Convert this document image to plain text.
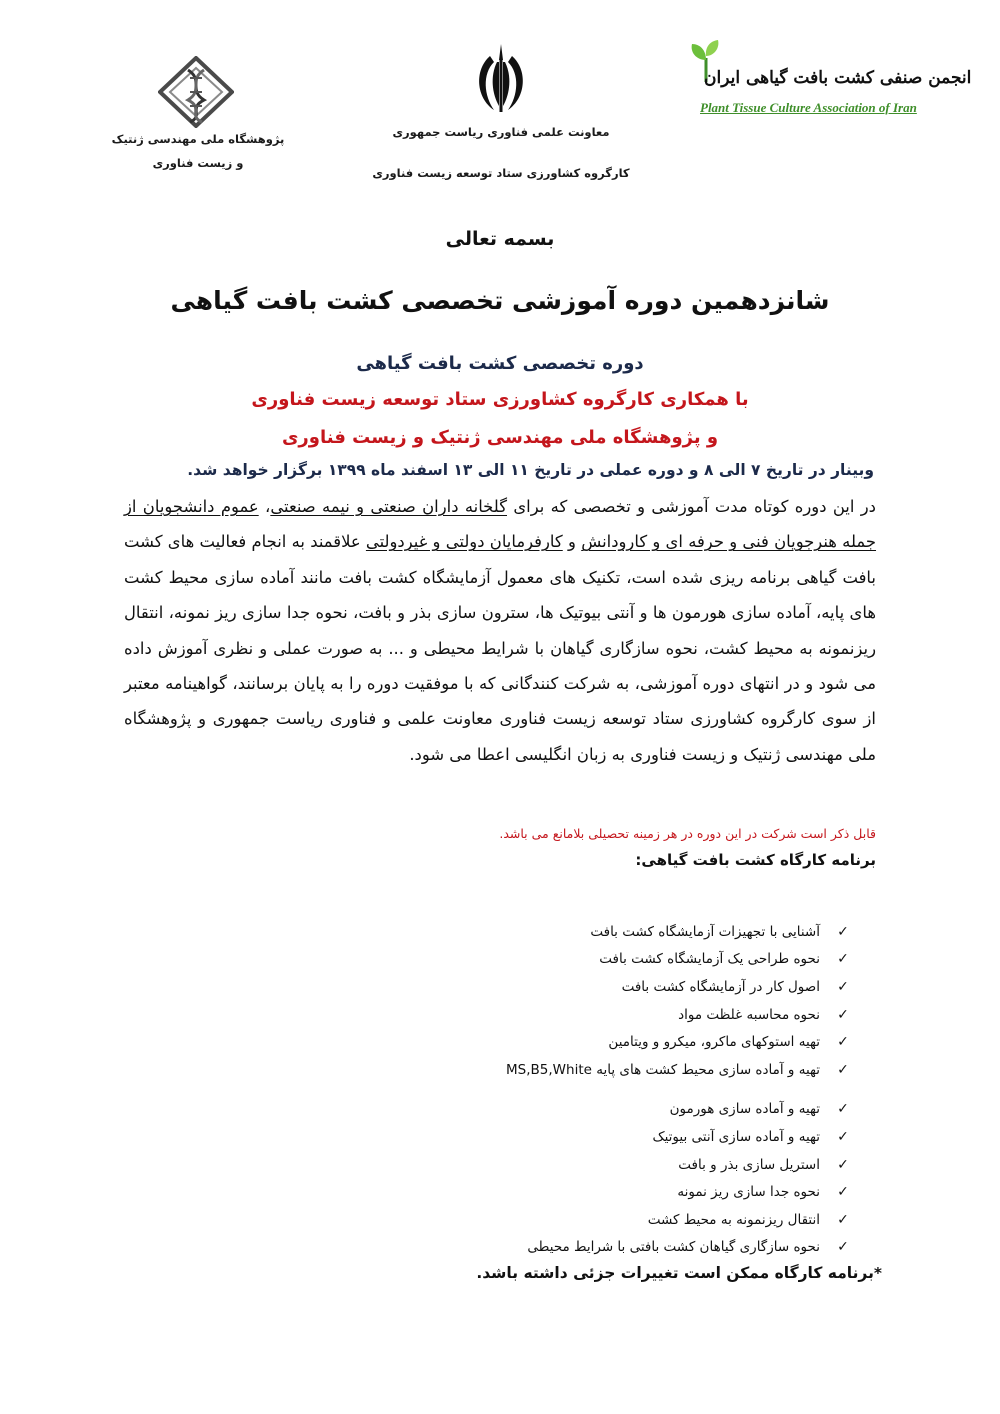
پژوهشگاه ملی مهندسی ژنتیک
و زیست فناوری
معاونت علمی فناوری ریاست جمهوری
کارگروه کشاورزی ستاد توسعه زیست فناوری
انجمن صنفی کشت بافت گیاهی ایران
Plant Tissue Culture Association of Iran
بسمه تعالی
شانزدهمین دوره آموزشی تخصصی کشت بافت گیاهی
دوره تخصصی کشت بافت گیاهی
با همکاری کارگروه کشاورزی ستاد توسعه زیست فناوری
و پژوهشگاه ملی مهندسی ژنتیک و زیست فناوری
وبینار در تاریخ ۷ الی ۸ و دوره عملی در تاریخ ۱۱ الی ۱۳ اسفند ماه ۱۳۹۹ برگزار خواهد شد.
در این دوره کوتاه مدت آموزشی و تخصصی که برای گلخانه داران صنعتی و نیمه صنعتی، عموم دانشجویان از جمله هنرجویان فنی و حرفه ای و کارودانش و کارفرمایان دولتی و غیردولتی علاقمند به انجام فعالیت های کشت بافت گیاهی برنامه ریزی شده است، تکنیک های معمول آزمایشگاه کشت بافت مانند آماده سازی محیط کشت های پایه، آماده سازی هورمون ها و آنتی بیوتیک ها، سترون سازی بذر و بافت، نحوه جدا سازی ریز نمونه، انتقال ریزنمونه به محیط کشت، نحوه سازگاری گیاهان با شرایط محیطی و ... به صورت عملی و نظری آموزش داده می شود و در انتهای دوره آموزشی، به شرکت کنندگانی که با موفقیت دوره را به پایان برسانند، گواهینامه معتبر از سوی کارگروه کشاورزی ستاد توسعه زیست فناوری معاونت علمی و فناوری ریاست جمهوری و پژوهشگاه ملی مهندسی ژنتیک و زیست فناوری به زبان انگلیسی اعطا می شود.
قابل ذکر است شرکت در این دوره در هر زمینه تحصیلی بلامانع می باشد.
برنامه کارگاه کشت بافت گیاهی:
✓
آشنایی با تجهیزات آزمایشگاه کشت بافت
✓
نحوه طراحی یک آزمایشگاه کشت بافت
✓
اصول کار در آزمایشگاه کشت بافت
✓
نحوه محاسبه غلظت مواد
✓
تهیه استوکهای ماکرو، میکرو و ویتامین
✓
تهیه و آماده سازی محیط کشت های پایه MS,B5,White
✓
تهیه و آماده سازی هورمون
✓
تهیه و آماده سازی آنتی بیوتیک
✓
استریل سازی بذر و بافت
✓
نحوه جدا سازی ریز نمونه
✓
انتقال ریزنمونه به محیط کشت
✓
نحوه سازگاری گیاهان کشت بافتی با شرایط محیطی
*برنامه کارگاه ممکن است تغییرات جزئی داشته باشد.
